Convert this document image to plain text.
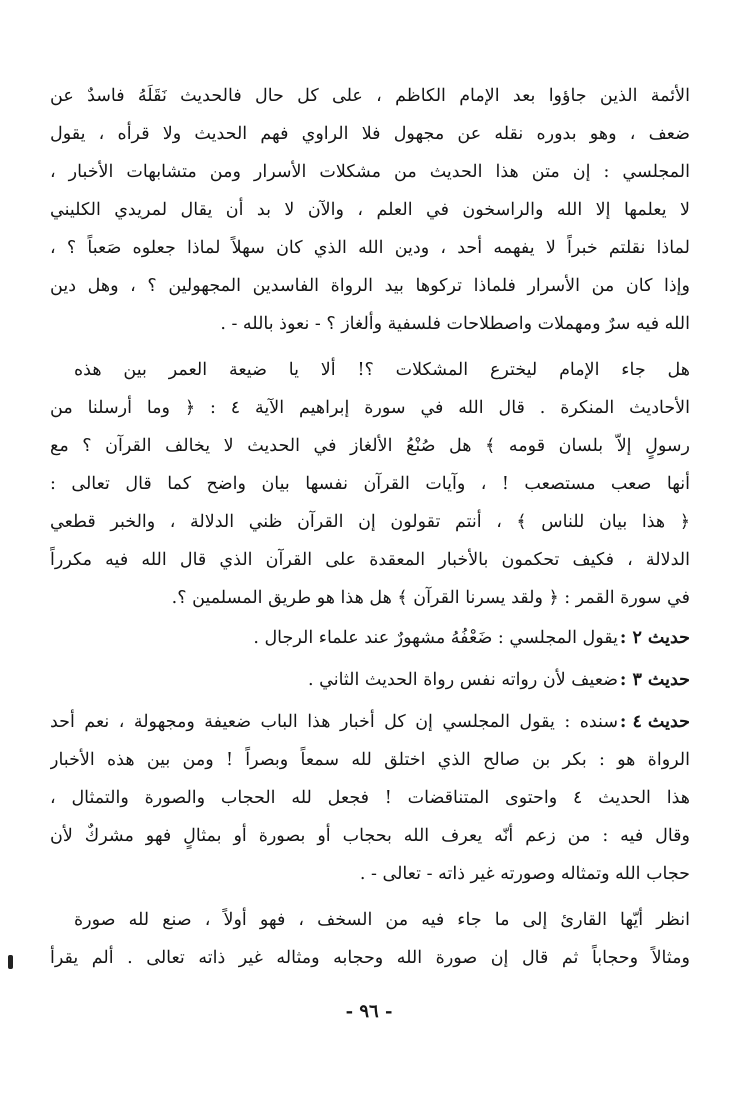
الأئمة الذين جاؤوا بعد الإمام الكاظم ، على كل حال فالحديث نَقَلَهُ فاسدٌ عن
ضعف ، وهو بدوره نقله عن مجهول فلا الراوي فهم الحديث ولا قرأه ، يقول
المجلسي : إن متن هذا الحديث من مشكلات الأسرار ومن متشابهات الأخبار ،
لا يعلمها إلا الله والراسخون في العلم ، والآن لا بد أن يقال لمريدي الكليني
لماذا نقلتم خبراً لا يفهمه أحد ، ودين الله الذي كان سهلاً لماذا جعلوه صَعباً ؟ ،
وإذا كان من الأسرار فلماذا تركوها بيد الرواة الفاسدين المجهولين ؟ ، وهل دين
الله فيه سرٌ ومهملات واصطلاحات فلسفية وألغاز ؟ - نعوذ بالله - .
هل جاء الإمام ليخترع المشكلات ؟! ألا يا ضيعة العمر بين هذه
الأحاديث المنكرة . قال الله في سورة إبراهيم الآية ٤ : ﴿ وما أرسلنا من
رسولٍ إلاّ بلسان قومه ﴾ هل صُنْعُ الألغاز في الحديث لا يخالف القرآن ؟ مع
أنها صعب مستصعب ! ، وآيات القرآن نفسها بيان واضح كما قال تعالى :
﴿ هذا بيان للناس ﴾ ، أنتم تقولون إن القرآن ظني الدلالة ، والخبر قطعي
الدلالة ، فكيف تحكمون بالأخبار المعقدة على القرآن الذي قال الله فيه مكرراً
في سورة القمر : ﴿ ولقد يسرنا القرآن ﴾ هل هذا هو طريق المسلمين ؟.
حديث ٢ :
يقول المجلسي : ضَعْفُهُ مشهورٌ عند علماء الرجال .
حديث ٣ :
ضعيف لأن رواته نفس رواة الحديث الثاني .
حديث ٤ :
سنده : يقول المجلسي إن كل أخبار هذا الباب ضعيفة ومجهولة ، نعم أحد
الرواة هو : بكر بن صالح الذي اختلق لله سمعاً وبصراً ! ومن بين هذه الأخبار
هذا الحديث ٤ واحتوى المتناقضات ! فجعل لله الحجاب والصورة والتمثال ،
وقال فيه : من زعم أنّه يعرف الله بحجاب أو بصورة أو بمثالٍ فهو مشركٌ لأن
حجاب الله وتمثاله وصورته غير ذاته - تعالى - .
انظر أيّها القارئ إلى ما جاء فيه من السخف ، فهو أولاً ، صنع لله صورة
ومثالاً وحجاباً ثم قال إن صورة الله وحجابه ومثاله غير ذاته تعالى . ألم يقرأ
- ٩٦ -
